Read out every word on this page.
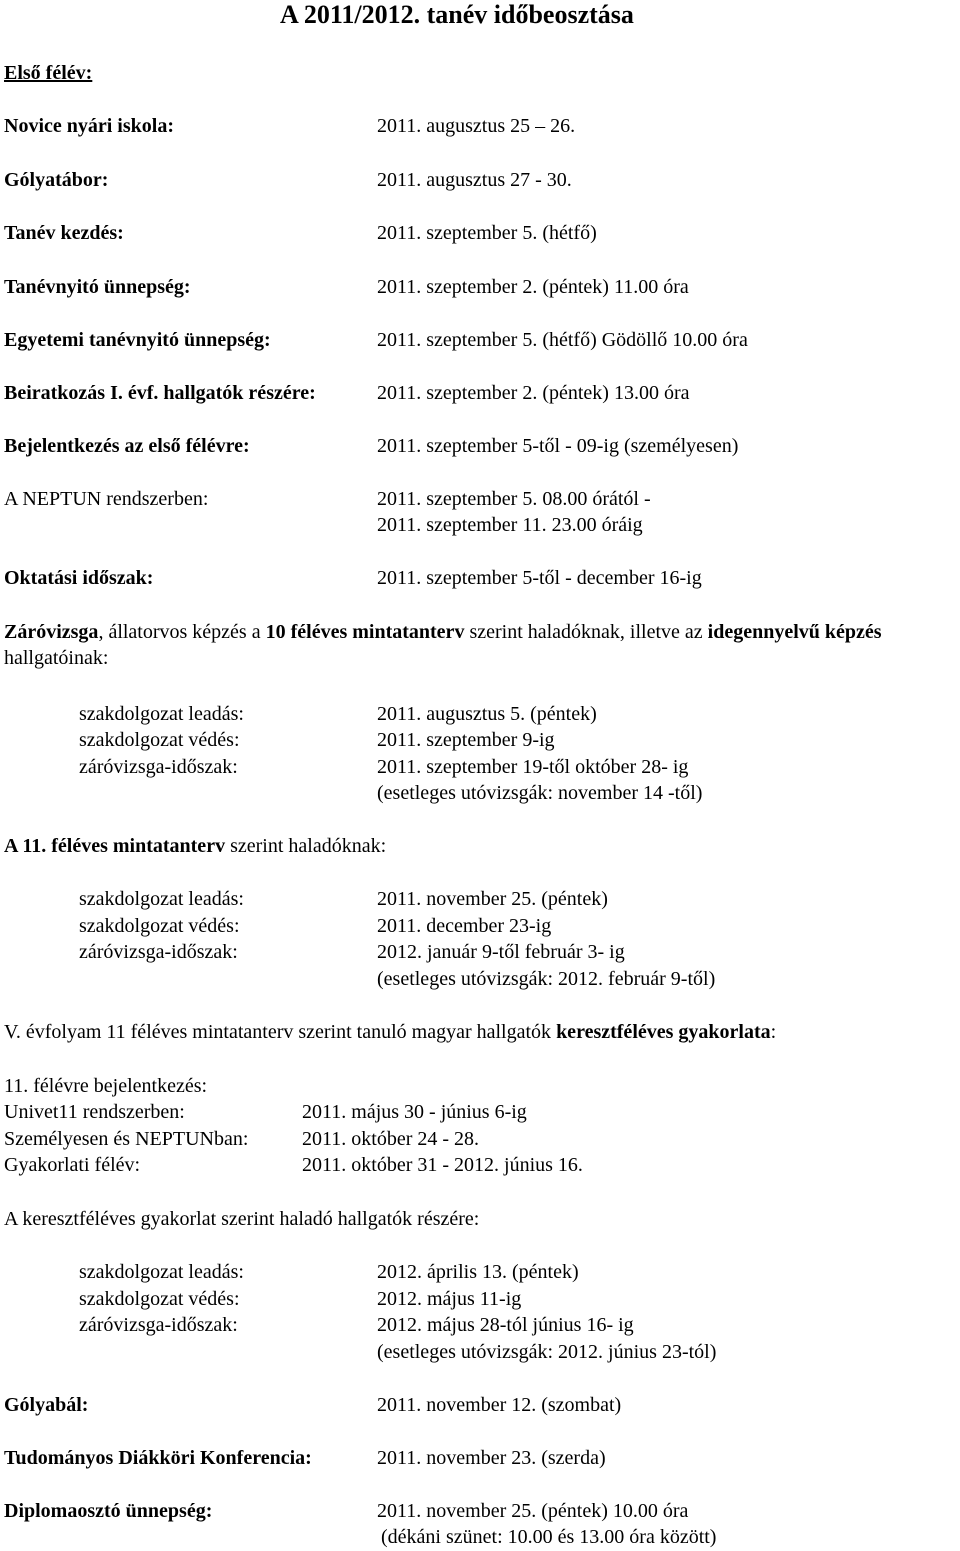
A 2011/2012. tanév időbeosztása
Első félév:
Novice nyári iskola:	2011. augusztus 25 – 26.
Gólyatábor:	2011. augusztus 27 - 30.
Tanév kezdés:	2011. szeptember 5. (hétfő)
Tanévnyitó ünnepség:	2011. szeptember 2. (péntek) 11.00 óra
Egyetemi tanévnyitó ünnepség:	2011. szeptember 5. (hétfő) Gödöllő 10.00 óra
Beiratkozás I. évf. hallgatók részére:	2011. szeptember 2. (péntek) 13.00 óra
Bejelentkezés az első félévre:	2011. szeptember 5-től - 09-ig (személyesen)
A NEPTUN rendszerben:	2011. szeptember 5. 08.00 órától -
2011. szeptember 11. 23.00 óráig
Oktatási időszak:	2011. szeptember 5-től - december 16-ig
Záróvizsga, állatorvos képzés a 10 féléves mintatanterv szerint haladóknak, illetve az idegennyelvű képzés hallgatóinak:
szakdolgozat leadás:	2011. augusztus 5. (péntek)
szakdolgozat védés:	2011. szeptember 9-ig
záróvizsga-időszak:	2011. szeptember 19-től október 28- ig
(esetleges utóvizsgák: november 14 -től)
A 11. féléves mintatanterv szerint haladóknak:
szakdolgozat leadás:	2011. november 25. (péntek)
szakdolgozat védés:	2011. december 23-ig
záróvizsga-időszak:	2012. január 9-től február 3- ig
(esetleges utóvizsgák: 2012. február 9-től)
V. évfolyam 11 féléves mintatanterv szerint tanuló magyar hallgatók keresztféléves gyakorlata:
11. félévre bejelentkezés:
Univet11 rendszerben:	2011. május 30 - június 6-ig
Személyesen és NEPTUNban:	2011. október 24 - 28.
Gyakorlati félév:	2011. október 31 - 2012. június 16.
A keresztféléves gyakorlat szerint haladó hallgatók részére:
szakdolgozat leadás:	2012. április 13. (péntek)
szakdolgozat védés:	2012. május 11-ig
záróvizsga-időszak:	2012. május 28-tól június 16- ig
(esetleges utóvizsgák: 2012. június 23-tól)
Gólyabál:	2011. november 12. (szombat)
Tudományos Diákköri Konferencia:	2011. november 23. (szerda)
Diplomaosztó ünnepség:	2011. november 25. (péntek) 10.00 óra
(dékáni szünet: 10.00 és 13.00 óra között)
